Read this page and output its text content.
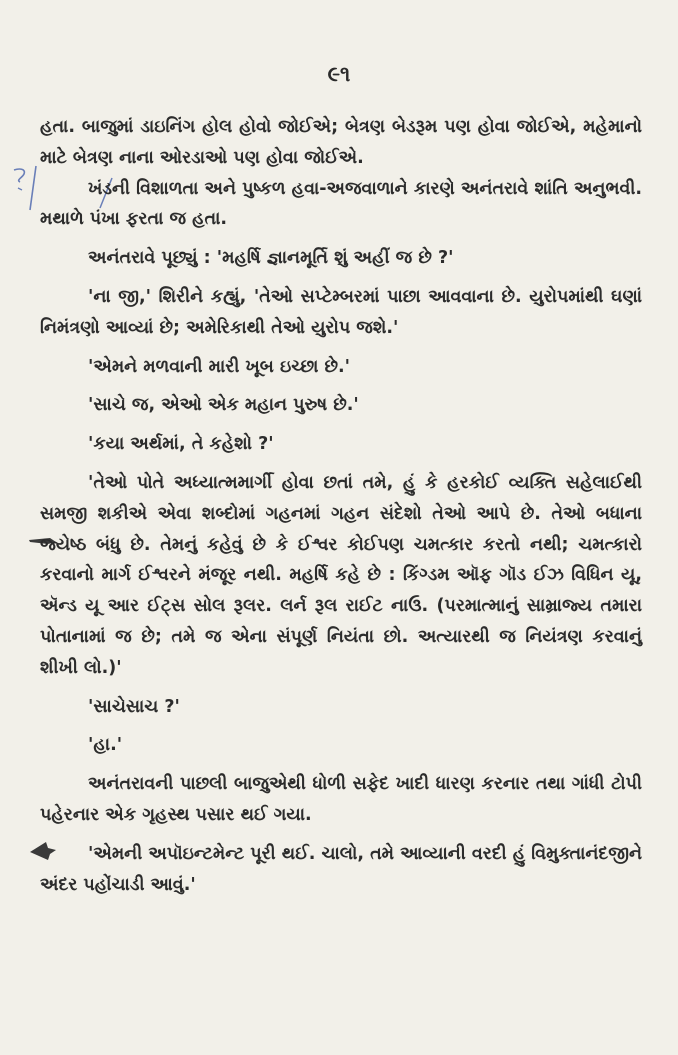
૯૧

હતા. બાજુમાં ડાઇનિંગ હોલ હોવો જોઈએ; બેત્રણ બેડરૂમ પણ હોવા જોઈએ, મહેમાનો માટે બેત્રણ નાના ઓરડાઓ પણ હોવા જોઈએ.

ખંડની વિશાળતા અને પુષ્કળ હવા-અજવાળાને કારણે અનંતરાવે શાંતિ અનુભવી. મથાળે પંખા ફરતા જ હતા.

અનંતરાવે પૂછ્યું : 'મહર્ષિ જ્ઞાનમૂર્તિ શું અહીં જ છે ?'

'ના જી,' શિરીને કહ્યું, 'તેઓ સપ્ટેમ્બરમાં પાછા આવવાના છે. યુરોપમાંથી ઘણાં નિમંત્રણો આવ્યાં છે; અમેરિકાથી તેઓ યુરોપ જશે.'

'એમને મળવાની મારી ખૂબ ઇચ્છા છે.'

'સાચે જ, એઓ એક મહાન પુરુષ છે.'

'કયા અર્થમાં, તે કહેશો ?'

'તેઓ પોતે અધ્યાત્મમાર્ગી હોવા છતાં તમે, હું કે હરકોઈ વ્યક્તિ સહેલાઈથી સમજી શકીએ એવા શબ્દોમાં ગહનમાં ગહન સંદેશો તેઓ આપે છે. તેઓ બધાના જ્યેષ્ઠ બંધુ છે. તેમનું કહેવું છે કે ઈશ્વર કોઈપણ ચમત્કાર કરતો નથી; ચમત્કારો કરવાનો માર્ગ ઈશ્વરને મંજૂર નથી. મહર્ષિ કહે છે : કિંગ્ડમ ઑફ ગૉડ ઈઝ વિધિન યૂ, ઍન્ડ યૂ આર ઈટ્સ સોલ રૂલર. લર્ન રૂલ રાઈટ નાઉ. (પરમાત્માનું સામ્રાજ્ય તમારા પોતાનામાં જ છે; તમે જ એના સંપૂર્ણ નિયંતા છો. અત્યારથી જ નિયંત્રણ કરવાનું શીખી લો.)'

'સાચેસાચ ?'

'હા.'

અનંતરાવની પાછલી બાજુએથી ધોળી સફેદ ખાદી ધારણ કરનાર તથા ગાંધી ટોપી પહેરનાર એક ગૃહસ્થ પસાર થઈ ગયા.

'એમની અપૉઇન્ટમેન્ટ પૂરી થઈ. ચાલો, તમે આવ્યાની વરદી હું વિમુક્તાનંદજીને અંદર પહોંચાડી આવું.'
